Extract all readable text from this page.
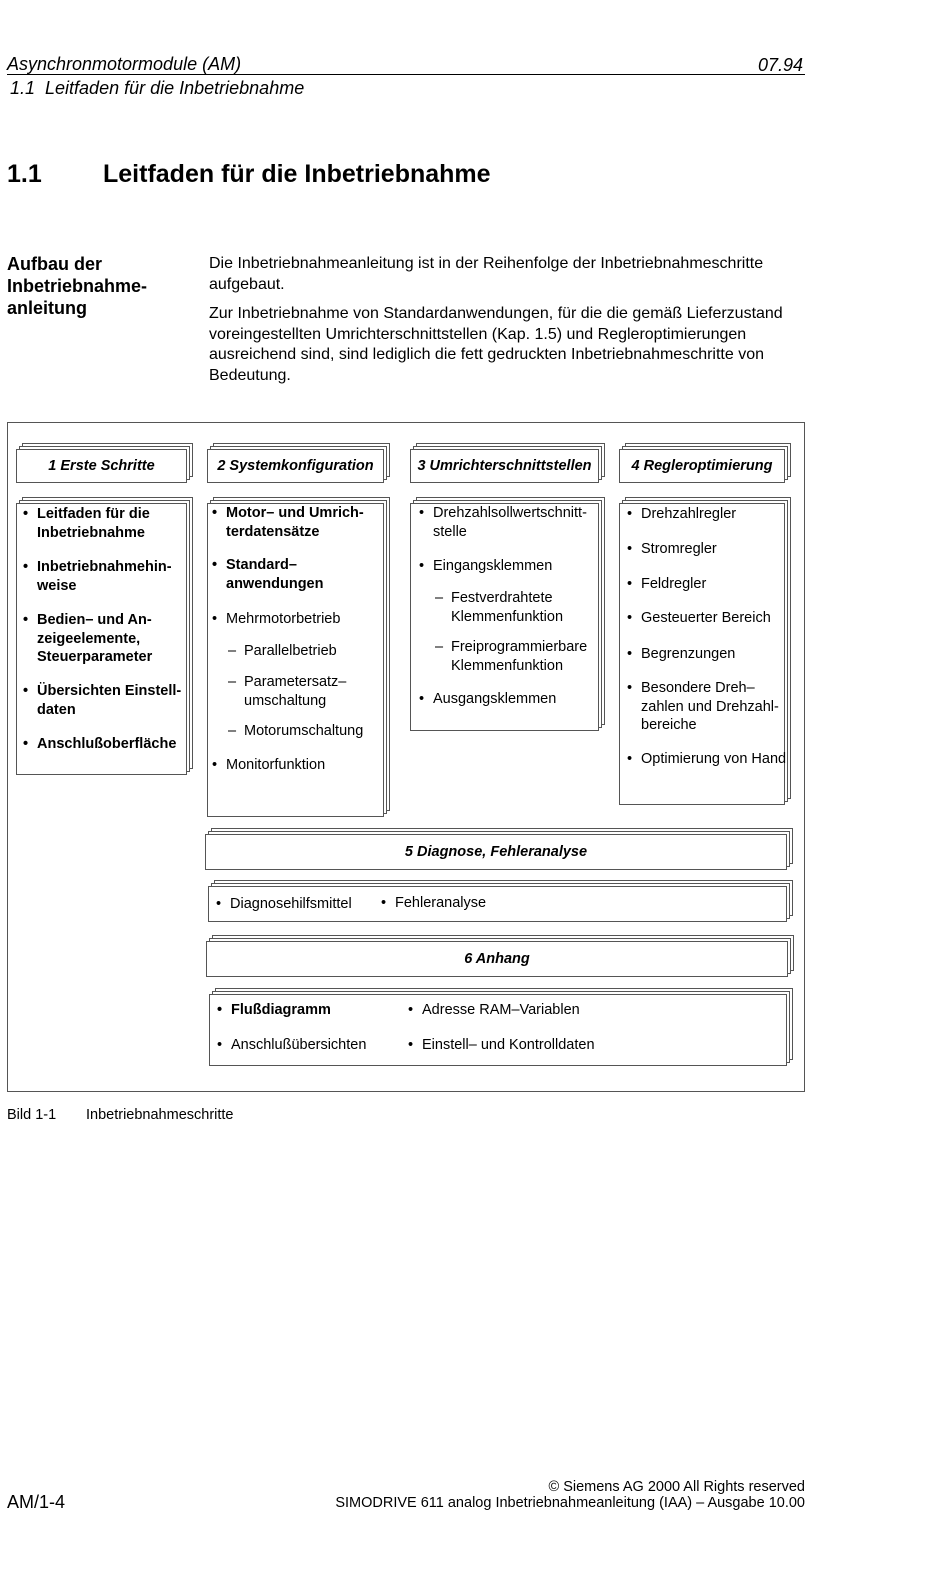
Asynchronmotormodule (AM)	07.94
1.1  Leitfaden für die Inbetriebnahme
1.1 Leitfaden für die Inbetriebnahme
Aufbau der
Inbetriebnahme-
anleitung

Die Inbetriebnahmeanleitung ist in der Reihenfolge der Inbetriebnahmeschritte aufgebaut.

Zur Inbetriebnahme von Standardanwendungen, für die die gemäß Lieferzustand voreingestellten Umrichterschnittstellen (Kap. 1.5) und Regleroptimierungen ausreichend sind, sind lediglich die fett gedruckten Inbetriebnahmeschritte von Bedeutung.

1 Erste Schritte	2 Systemkonfiguration	3 Umrichterschnittstellen	4 Regleroptimierung
• Leitfaden für die
Inbetriebnahme
• Inbetriebnahmehin-
weise
• Bedien– und An-
zeigeelemente,
Steuerparameter
• Übersichten Einstell-
daten
• Anschlußoberfläche
• Motor– und Umrich-
terdatensätze
• Standard–
anwendungen
• Mehrmotorbetrieb
– Parallelbetrieb
– Parametersatz–
umschaltung
– Motorumschaltung
• Monitorfunktion
• Drehzahlsollwertschnitt-
stelle
• Eingangsklemmen
– Festverdrahtete
Klemmenfunktion
– Freiprogrammierbare
Klemmenfunktion
• Ausgangsklemmen
• Drehzahlregler
• Stromregler
• Feldregler
• Gesteuerter Bereich
• Begrenzungen
• Besondere Dreh–
zahlen und Drehzahl-
bereiche
• Optimierung von Hand
5 Diagnose, Fehleranalyse
• Diagnosehilfsmittel	• Fehleranalyse
6 Anhang
• Flußdiagramm	• Adresse RAM–Variablen
• Anschlußübersichten	• Einstell– und Kontrolldaten
Bild 1-1 Inbetriebnahmeschritte
© Siemens AG 2000 All Rights reserved
SIMODRIVE 611 analog Inbetriebnahmeanleitung (IAA) – Ausgabe 10.00
AM/1-4
